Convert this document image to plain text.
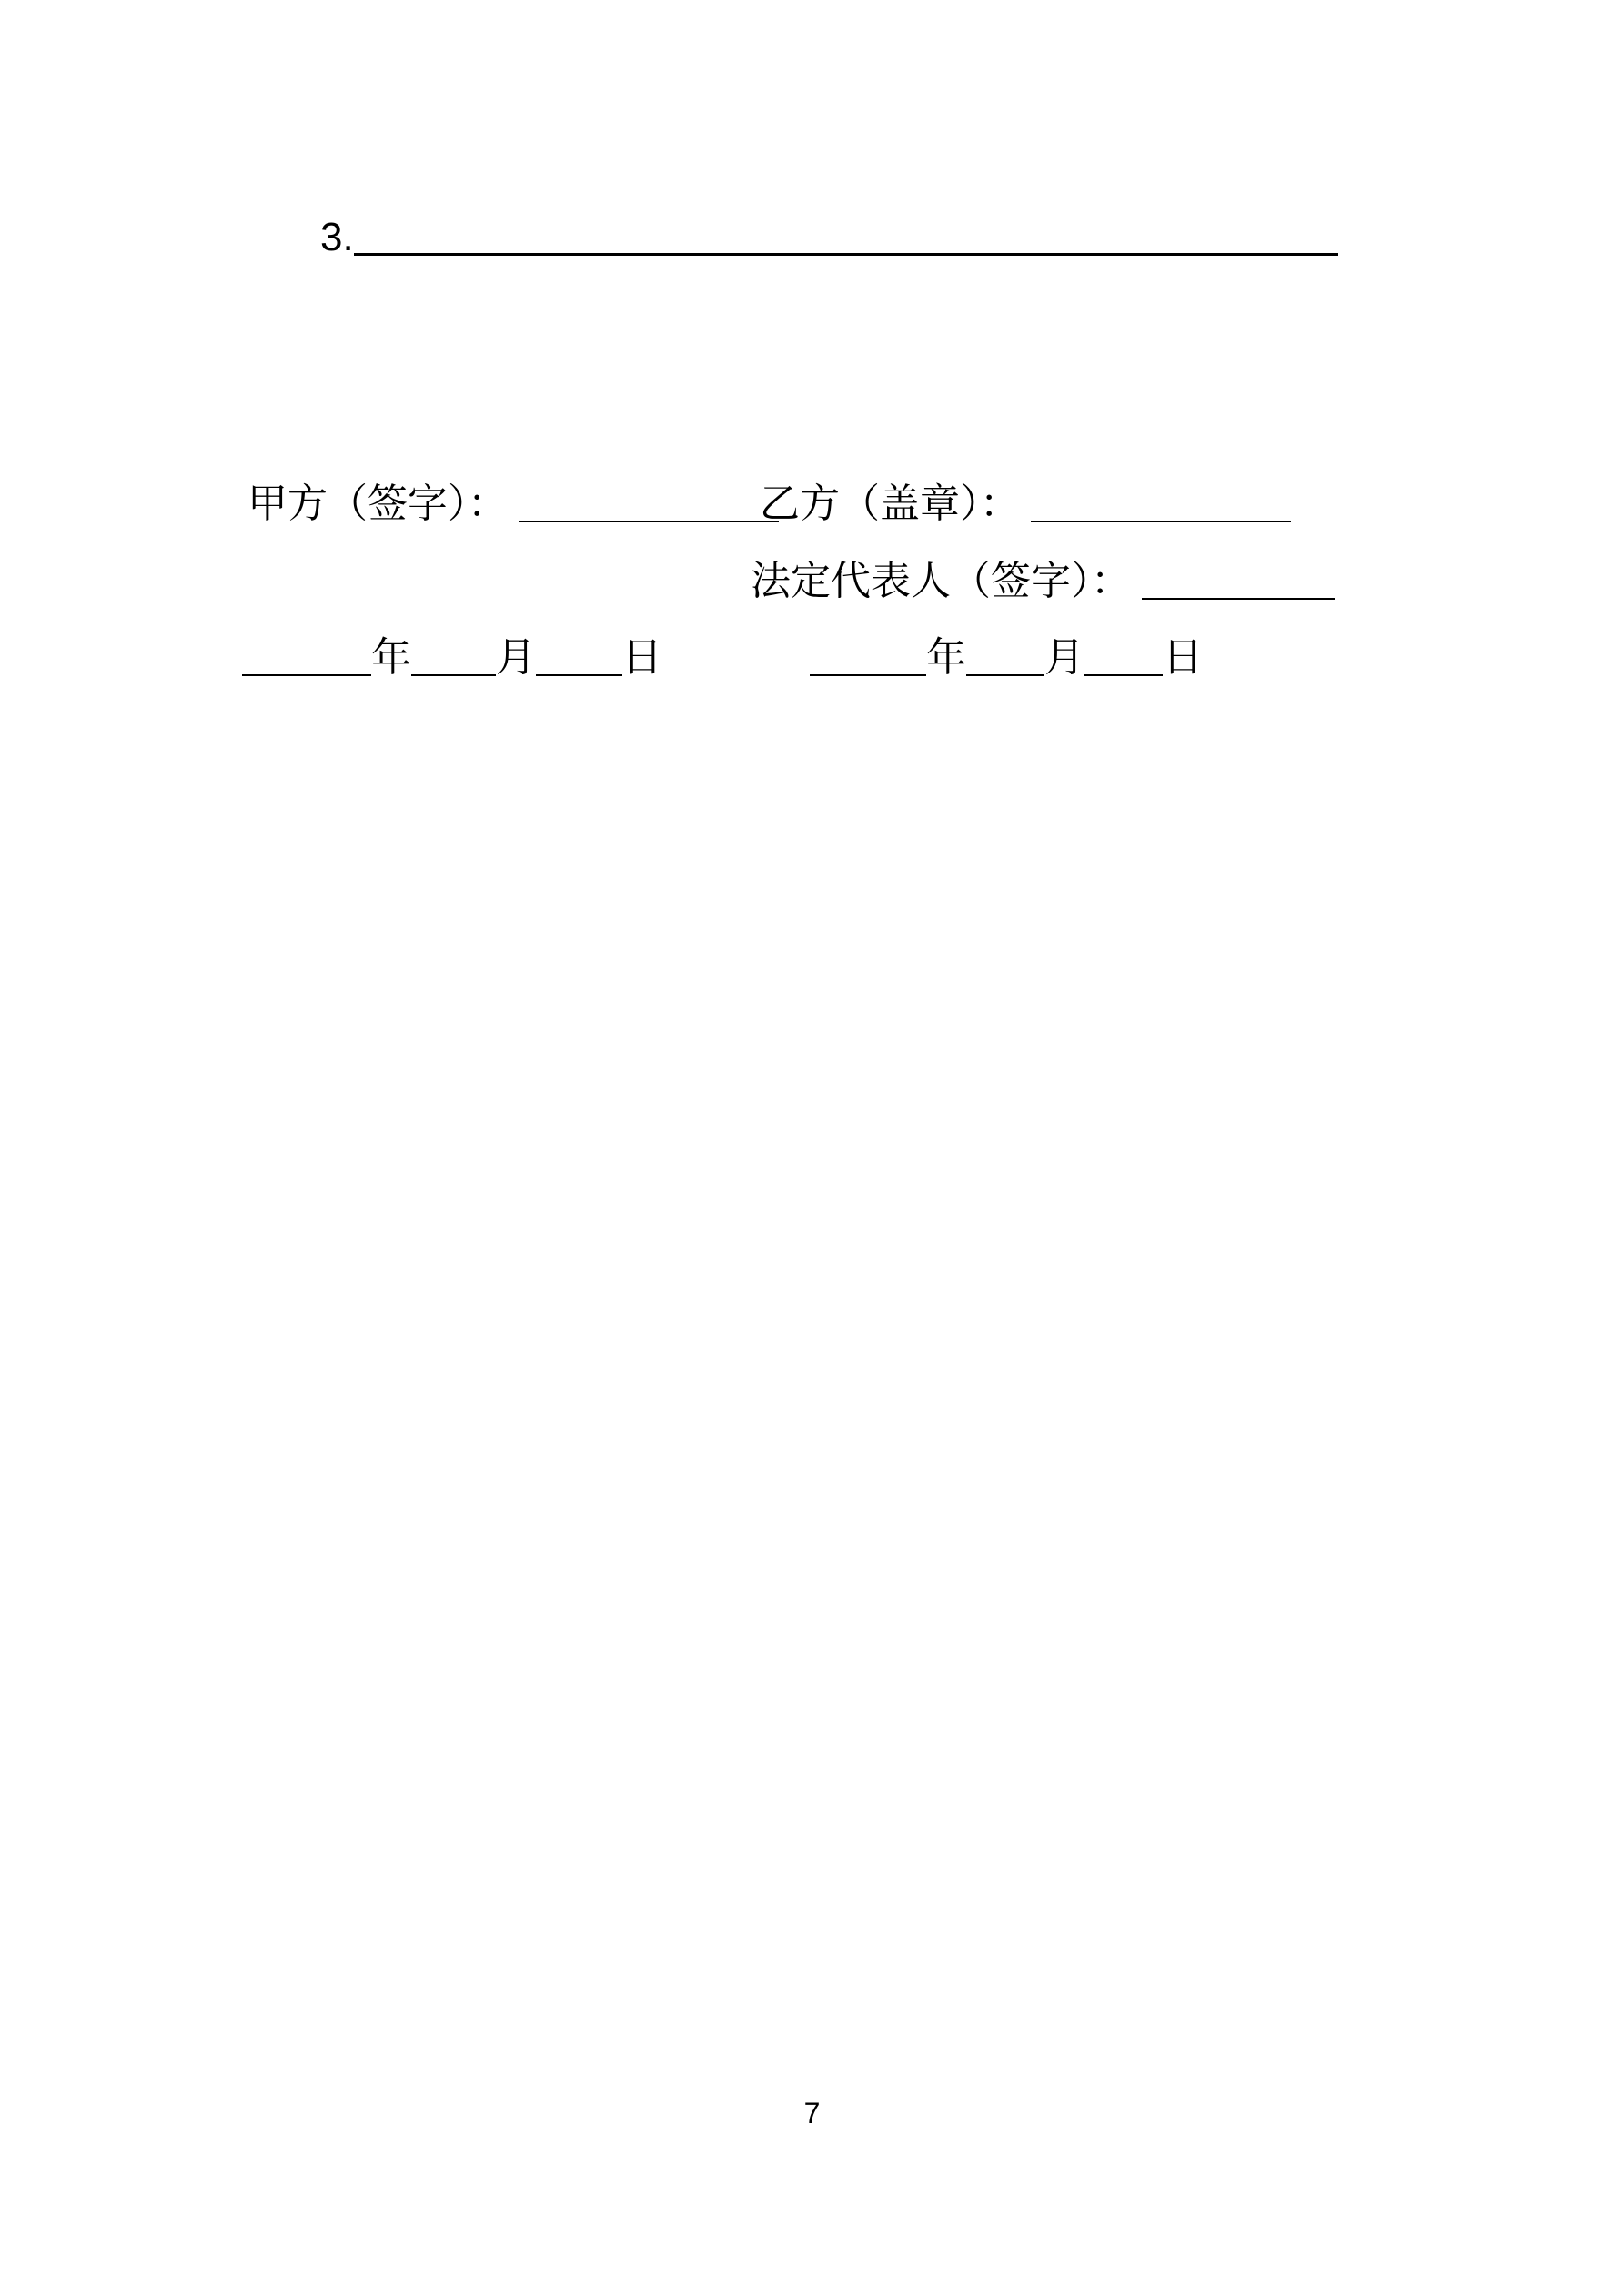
3.
甲方（签字）：	乙方（盖章）：
法定代表人（签字）：
年 月 日	年 月 日
7
